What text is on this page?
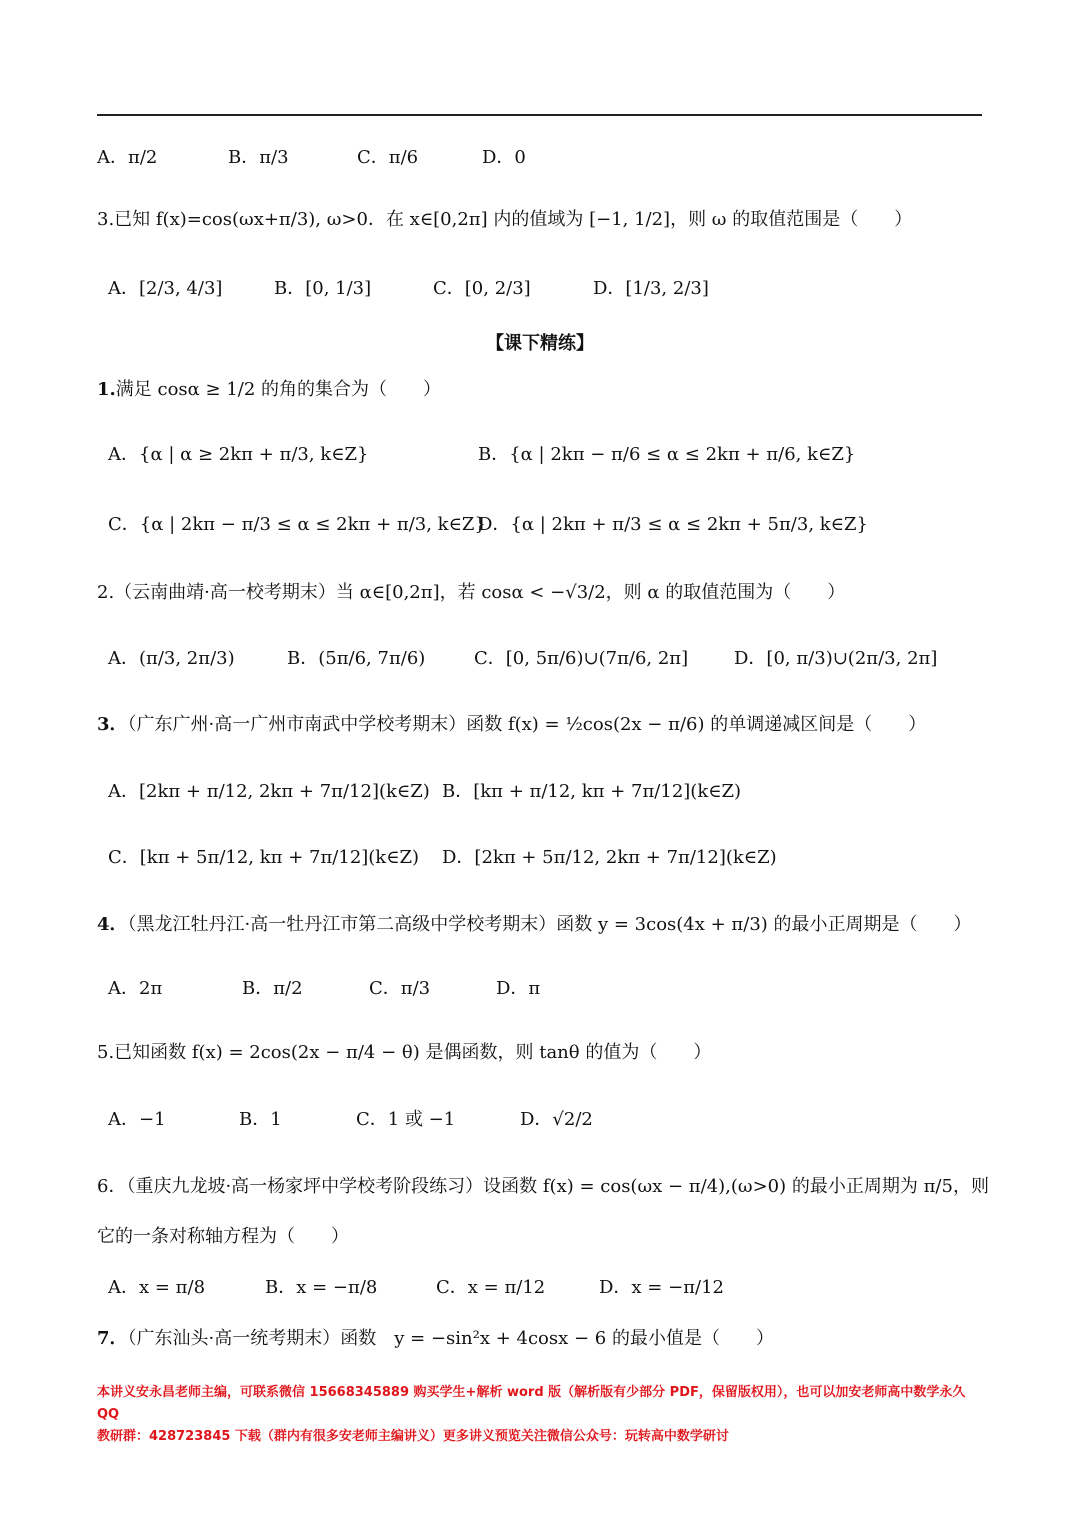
A．π/2	B．π/3	C．π/6	D．0
3.已知 f(x)=cos(ωx+π/3), ω>0．在 x∈[0,2π] 内的值域为 [−1, 1/2]，则 ω 的取值范围是（　　）
A．[2/3, 4/3]	B．[0, 1/3]	C．[0, 2/3]	D．[1/3, 2/3]
【课下精练】
1.满足 cosα ≥ 1/2 的角的集合为（　　）
A．{α | α ≥ 2kπ + π/3, k∈Z}	B．{α | 2kπ − π/6 ≤ α ≤ 2kπ + π/6, k∈Z}
C．{α | 2kπ − π/3 ≤ α ≤ 2kπ + π/3, k∈Z}
D．{α | 2kπ + π/3 ≤ α ≤ 2kπ + 5π/3, k∈Z}
2.（云南曲靖·高一校考期末）当 α∈[0,2π]，若 cosα < −√3/2，则 α 的取值范围为（　　）
A．(π/3, 2π/3)	B．(5π/6, 7π/6)	C．[0, 5π/6)∪(7π/6, 2π]	D．[0, π/3)∪(2π/3, 2π]
3．（广东广州·高一广州市南武中学校考期末）函数 f(x) = ½cos(2x − π/6) 的单调递减区间是（　　）
A．[2kπ + π/12, 2kπ + 7π/12](k∈Z) B．[kπ + π/12, kπ + 7π/12](k∈Z)
C．[kπ + 5π/12, kπ + 7π/12](k∈Z) D．[2kπ + 5π/12, 2kπ + 7π/12](k∈Z)
4．（黑龙江牡丹江·高一牡丹江市第二高级中学校考期末）函数 y = 3cos(4x + π/3) 的最小正周期是（　　）
A．2π	B．π/2	C．π/3	D．π
5.已知函数 f(x) = 2cos(2x − π/4 − θ) 是偶函数，则 tanθ 的值为（　　）
A．−1	B．1	C．1 或 −1	D．√2/2
6．（重庆九龙坡·高一杨家坪中学校考阶段练习）设函数 f(x) = cos(ωx − π/4),(ω>0) 的最小正周期为 π/5，则
它的一条对称轴方程为（　　）
A．x = π/8	B．x = −π/8	C．x = π/12	D．x = −π/12
7．（广东汕头·高一统考期末）函数　y = −sin²x + 4cosx − 6 的最小值是（　　）
本讲义安永昌老师主编，可联系微信 15668345889 购买学生+解析 word 版（解析版有少部分 PDF，保留版权用），也可以加安老师高中数学永久 QQ
教研群：428723845 下载（群内有很多安老师主编讲义）更多讲义预览关注微信公众号：玩转高中数学研讨
